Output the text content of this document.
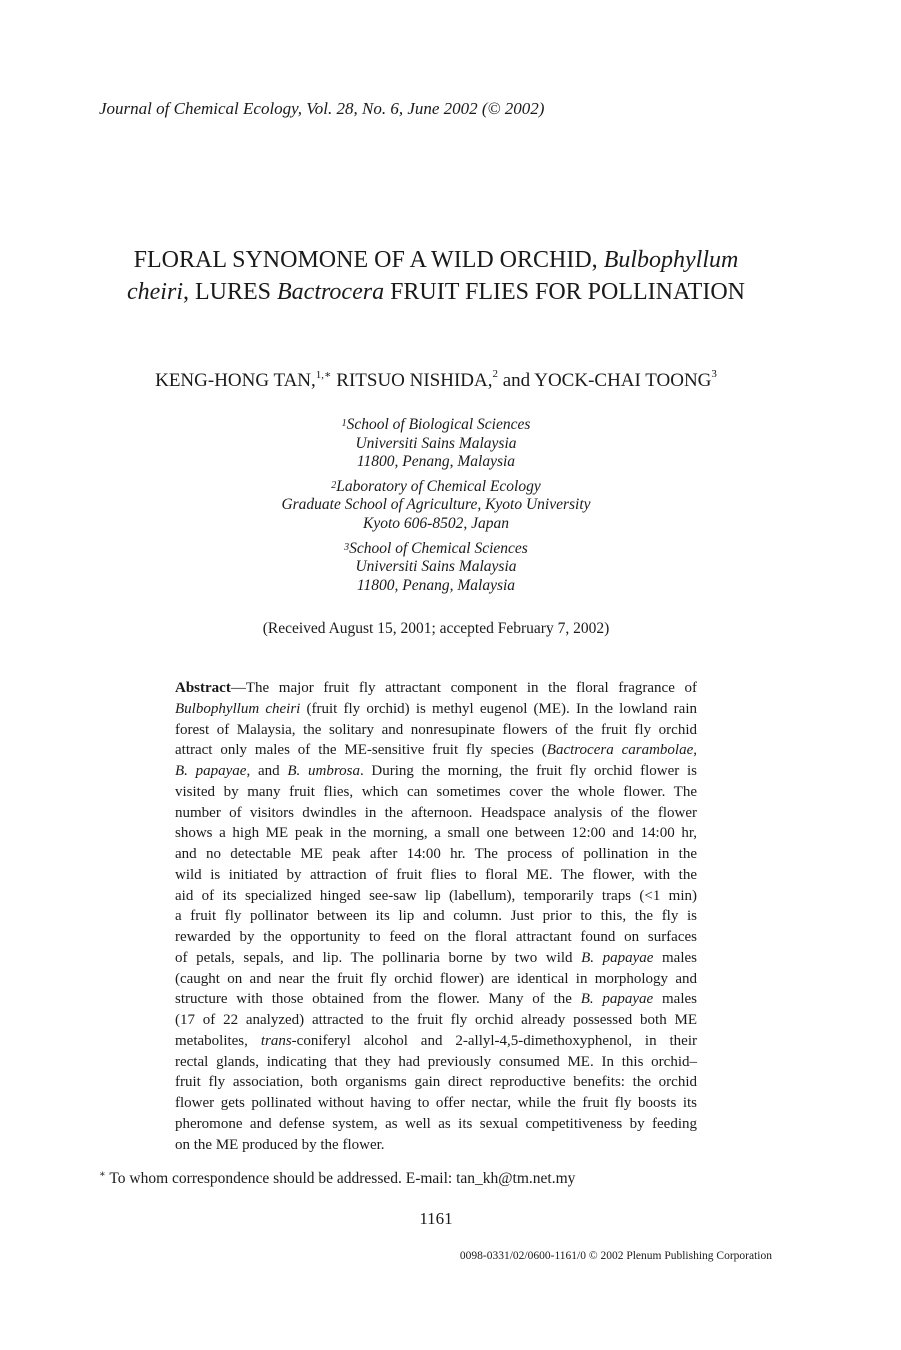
Journal of Chemical Ecology, Vol. 28, No. 6, June 2002 (© 2002)
FLORAL SYNOMONE OF A WILD ORCHID, Bulbophyllum
cheiri, LURES Bactrocera FRUIT FLIES FOR POLLINATION
KENG-HONG TAN,$^{1,∗}$ RITSUO NISHIDA,$^2$ and YOCK-CHAI TOONG$^3$
$^1$School of Biological Sciences
Universiti Sains Malaysia
11800, Penang, Malaysia
$^2$Laboratory of Chemical Ecology
Graduate School of Agriculture, Kyoto University
Kyoto 606-8502, Japan
$^3$School of Chemical Sciences
Universiti Sains Malaysia
11800, Penang, Malaysia
(Received August 15, 2001; accepted February 7, 2002)
Abstract—The major fruit fly attractant component in the floral fragrance of
Bulbophyllum cheiri (fruit fly orchid) is methyl eugenol (ME). In the lowland rain
forest of Malaysia, the solitary and nonresupinate flowers of the fruit fly orchid
attract only males of the ME-sensitive fruit fly species (Bactrocera carambolae,
B. papayae, and B. umbrosa. During the morning, the fruit fly orchid flower is
visited by many fruit flies, which can sometimes cover the whole flower. The
number of visitors dwindles in the afternoon. Headspace analysis of the flower
shows a high ME peak in the morning, a small one between 12:00 and 14:00 hr,
and no detectable ME peak after 14:00 hr. The process of pollination in the
wild is initiated by attraction of fruit flies to floral ME. The flower, with the
aid of its specialized hinged see-saw lip (labellum), temporarily traps (<1 min)
a fruit fly pollinator between its lip and column. Just prior to this, the fly is
rewarded by the opportunity to feed on the floral attractant found on surfaces
of petals, sepals, and lip. The pollinaria borne by two wild B. papayae males
(caught on and near the fruit fly orchid flower) are identical in morphology and
structure with those obtained from the flower. Many of the B. papayae males
(17 of 22 analyzed) attracted to the fruit fly orchid already possessed both ME
metabolites, trans-coniferyl alcohol and 2-allyl-4,5-dimethoxyphenol, in their
rectal glands, indicating that they had previously consumed ME. In this orchid–
fruit fly association, both organisms gain direct reproductive benefits: the orchid
flower gets pollinated without having to offer nectar, while the fruit fly boosts its
pheromone and defense system, as well as its sexual competitiveness by feeding
on the ME produced by the flower.
∗ To whom correspondence should be addressed. E-mail: tan_kh@tm.net.my
1161
0098-0331/02/0600-1161/0 © 2002 Plenum Publishing Corporation
